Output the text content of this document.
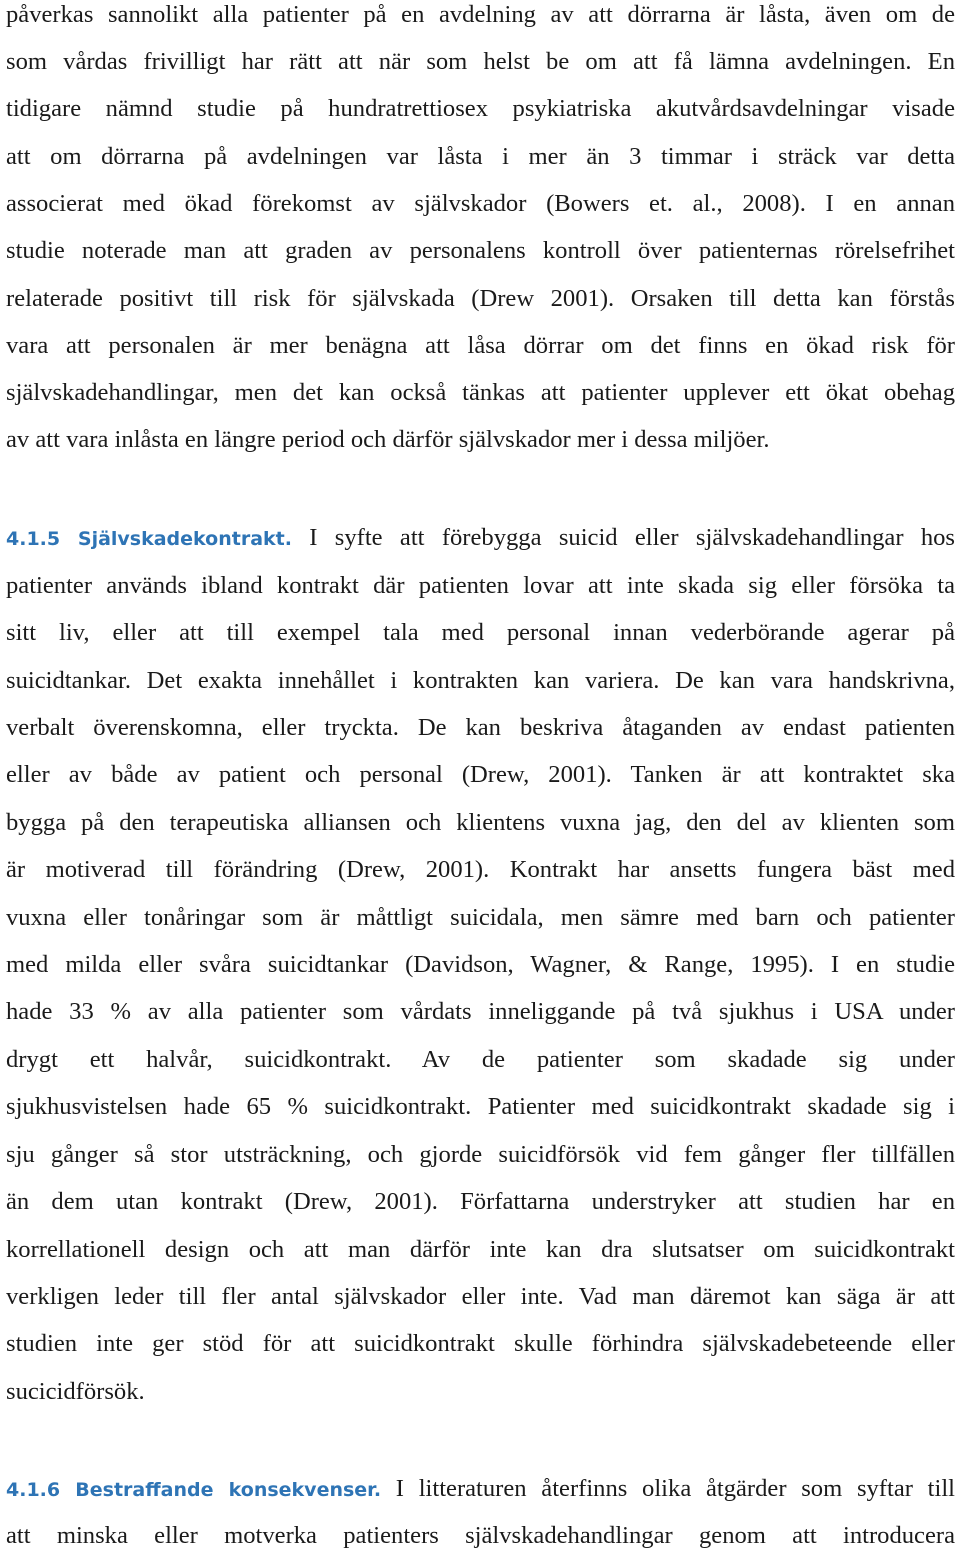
påverkas sannolikt alla patienter på en avdelning av att dörrarna är låsta, även om de
som vårdas frivilligt har rätt att när som helst be om att få lämna avdelningen. En
tidigare nämnd studie på hundratrettiosex psykiatriska akutvårdsavdelningar visade
att om dörrarna på avdelningen var låsta i mer än 3 timmar i sträck var detta
associerat med ökad förekomst av självskador (Bowers et. al., 2008). I en annan
studie noterade man att graden av personalens kontroll över patienternas rörelsefrihet
relaterade positivt till risk för självskada (Drew 2001). Orsaken till detta kan förstås
vara att personalen är mer benägna att låsa dörrar om det finns en ökad risk för
självskadehandlingar, men det kan också tänkas att patienter upplever ett ökat obehag
av att vara inlåsta en längre period och därför självskador mer i dessa miljöer.
4.1.5 Självskadekontrakt. I syfte att förebygga suicid eller självskadehandlingar hos
patienter används ibland kontrakt där patienten lovar att inte skada sig eller försöka ta
sitt liv, eller att till exempel tala med personal innan vederbörande agerar på
suicidtankar. Det exakta innehållet i kontrakten kan variera. De kan vara handskrivna,
verbalt överenskomna, eller tryckta. De kan beskriva åtaganden av endast patienten
eller av både av patient och personal (Drew, 2001). Tanken är att kontraktet ska
bygga på den terapeutiska alliansen och klientens vuxna jag, den del av klienten som
är motiverad till förändring (Drew, 2001). Kontrakt har ansetts fungera bäst med
vuxna eller tonåringar som är måttligt suicidala, men sämre med barn och patienter
med milda eller svåra suicidtankar (Davidson, Wagner, & Range, 1995). I en studie
hade 33 % av alla patienter som vårdats inneliggande på två sjukhus i USA under
drygt ett halvår, suicidkontrakt. Av de patienter som skadade sig under
sjukhusvistelsen hade 65 % suicidkontrakt. Patienter med suicidkontrakt skadade sig i
sju gånger så stor utsträckning, och gjorde suicidförsök vid fem gånger fler tillfällen
än dem utan kontrakt (Drew, 2001). Författarna understryker att studien har en
korrellationell design och att man därför inte kan dra slutsatser om suicidkontrakt
verkligen leder till fler antal självskador eller inte. Vad man däremot kan säga är att
studien inte ger stöd för att suicidkontrakt skulle förhindra självskadebeteende eller
sucicidförsök.
4.1.6 Bestraffande konsekvenser. I litteraturen återfinns olika åtgärder som syftar till
att minska eller motverka patienters självskadehandlingar genom att introducera
